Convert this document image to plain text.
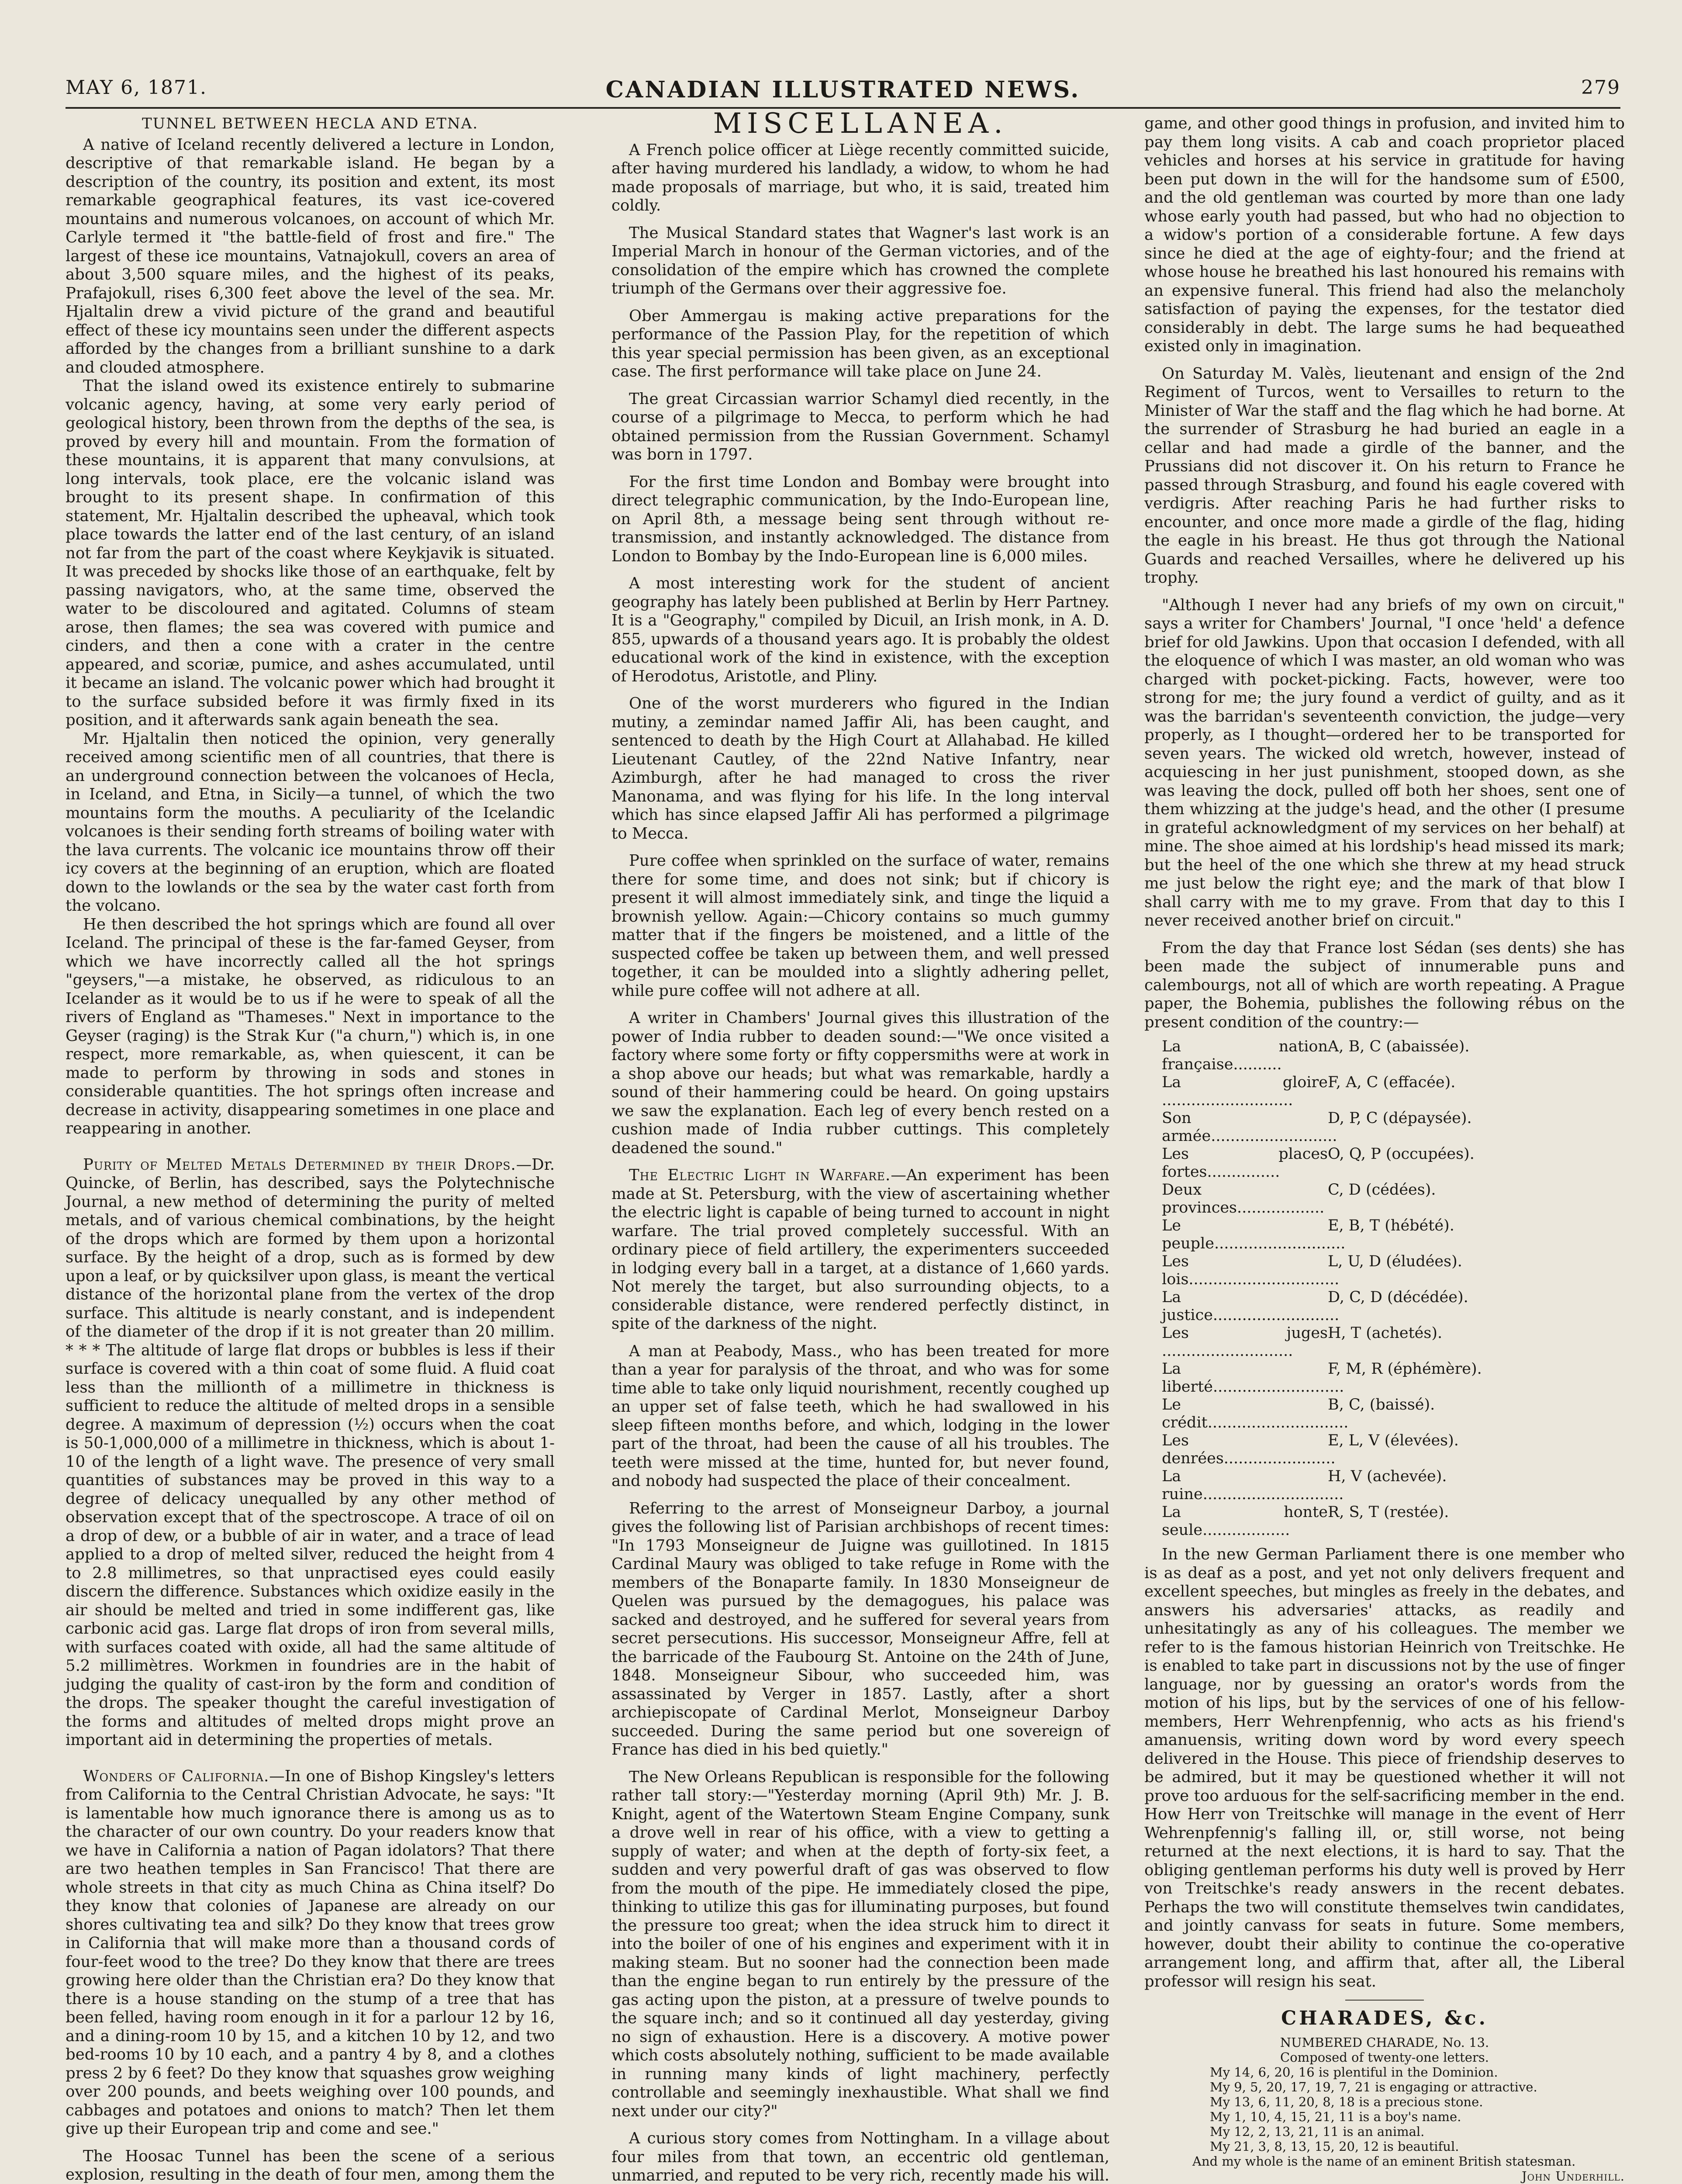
MAY 6, 1871.	CANADIAN ILLUSTRATED NEWS.	279
TUNNEL BETWEEN HECLA AND ETNA.

A native of Iceland recently delivered a lecture in London, descriptive of that remarkable island. He began by a description of the country, its position and extent, its most remarkable geographical features, its vast ice-covered mountains and numerous volcanoes, on account of which Mr. Carlyle termed it "the battle-field of frost and fire." The largest of these ice mountains, Vatnajokull, covers an area of about 3,500 square miles, and the highest of its peaks, Prafajokull, rises 6,300 feet above the level of the sea. Mr. Hjaltalin drew a vivid picture of the grand and beautiful effect of these icy mountains seen under the different aspects afforded by the changes from a brilliant sunshine to a dark and clouded atmosphere.

That the island owed its existence entirely to submarine volcanic agency, having, at some very early period of geological history, been thrown from the depths of the sea, is proved by every hill and mountain. From the formation of these mountains, it is apparent that many convulsions, at long intervals, took place, ere the volcanic island was brought to its present shape. In confirmation of this statement, Mr. Hjaltalin described the upheaval, which took place towards the latter end of the last century, of an island not far from the part of the coast where Keykjavik is situated. It was preceded by shocks like those of an earthquake, felt by passing navigators, who, at the same time, observed the water to be discoloured and agitated. Columns of steam arose, then flames; the sea was covered with pumice and cinders, and then a cone with a crater in the centre appeared, and scoriæ, pumice, and ashes accumulated, until it became an island. The volcanic power which had brought it to the surface subsided before it was firmly fixed in its position, and it afterwards sank again beneath the sea.

Mr. Hjaltalin then noticed the opinion, very generally received among scientific men of all countries, that there is an underground connection between the volcanoes of Hecla, in Iceland, and Etna, in Sicily—a tunnel, of which the two mountains form the mouths. A peculiarity of the Icelandic volcanoes is their sending forth streams of boiling water with the lava currents. The volcanic ice mountains throw off their icy covers at the beginning of an eruption, which are floated down to the lowlands or the sea by the water cast forth from the volcano.

He then described the hot springs which are found all over Iceland. The principal of these is the far-famed Geyser, from which we have incorrectly called all the hot springs "geysers,"—a mistake, he observed, as ridiculous to an Icelander as it would be to us if he were to speak of all the rivers of England as "Thameses." Next in importance to the Geyser (raging) is the Strak Kur ("a churn,") which is, in one respect, more remarkable, as, when quiescent, it can be made to perform by throwing in sods and stones in considerable quantities. The hot springs often increase and decrease in activity, disappearing sometimes in one place and reappearing in another.

Purity of Melted Metals Determined by their Drops.—Dr. Quincke, of Berlin, has described, says the Polytechnische Journal, a new method of determining the purity of melted metals, and of various chemical combinations, by the height of the drops which are formed by them upon a horizontal surface. By the height of a drop, such as is formed by dew upon a leaf, or by quicksilver upon glass, is meant the vertical distance of the horizontal plane from the vertex of the drop surface. This altitude is nearly constant, and is independent of the diameter of the drop if it is not greater than 20 millim. * * * The altitude of large flat drops or bubbles is less if their surface is covered with a thin coat of some fluid. A fluid coat less than the millionth of a millimetre in thickness is sufficient to reduce the altitude of melted drops in a sensible degree. A maximum of depression (½) occurs when the coat is 50-1,000,000 of a millimetre in thickness, which is about 1-10 of the length of a light wave. The presence of very small quantities of substances may be proved in this way to a degree of delicacy unequalled by any other method of observation except that of the spectroscope. A trace of oil on a drop of dew, or a bubble of air in water, and a trace of lead applied to a drop of melted silver, reduced the height from 4 to 2.8 millimetres, so that unpractised eyes could easily discern the difference. Substances which oxidize easily in the air should be melted and tried in some indifferent gas, like carbonic acid gas. Large flat drops of iron from several mills, with surfaces coated with oxide, all had the same altitude of 5.2 millimètres. Workmen in foundries are in the habit of judging the quality of cast-iron by the form and condition of the drops. The speaker thought the careful investigation of the forms and altitudes of melted drops might prove an important aid in determining the properties of metals.

Wonders of California.—In one of Bishop Kingsley's letters from California to the Central Christian Advocate, he says: "It is lamentable how much ignorance there is among us as to the character of our own country. Do your readers know that we have in California a nation of Pagan idolators? That there are two heathen temples in San Francisco! That there are whole streets in that city as much China as China itself? Do they know that colonies of Japanese are already on our shores cultivating tea and silk? Do they know that trees grow in California that will make more than a thousand cords of four-feet wood to the tree? Do they know that there are trees growing here older than the Christian era? Do they know that there is a house standing on the stump of a tree that has been felled, having room enough in it for a parlour 12 by 16, and a dining-room 10 by 15, and a kitchen 10 by 12, and two bed-rooms 10 by 10 each, and a pantry 4 by 8, and a clothes press 2 by 6 feet? Do they know that squashes grow weighing over 200 pounds, and beets weighing over 100 pounds, and cabbages and potatoes and onions to match? Then let them give up their European trip and come and see."

The Hoosac Tunnel has been the scene of a serious explosion, resulting in the death of four men, among them the

MISCELLANEA.

A French police officer at Liège recently committed suicide, after having murdered his landlady, a widow, to whom he had made proposals of marriage, but who, it is said, treated him coldly.

The Musical Standard states that Wagner's last work is an Imperial March in honour of the German victories, and of the consolidation of the empire which has crowned the complete triumph of the Germans over their aggressive foe.

Ober Ammergau is making active preparations for the performance of the Passion Play, for the repetition of which this year special permission has been given, as an exceptional case. The first performance will take place on June 24.

The great Circassian warrior Schamyl died recently, in the course of a pilgrimage to Mecca, to perform which he had obtained permission from the Russian Government. Schamyl was born in 1797.

For the first time London and Bombay were brought into direct telegraphic communication, by the Indo-European line, on April 8th, a message being sent through without re-transmission, and instantly acknowledged. The distance from London to Bombay by the Indo-European line is 6,000 miles.

A most interesting work for the student of ancient geography has lately been published at Berlin by Herr Partney. It is a "Geography," compiled by Dicuil, an Irish monk, in A. D. 855, upwards of a thousand years ago. It is probably the oldest educational work of the kind in existence, with the exception of Herodotus, Aristotle, and Pliny.

One of the worst murderers who figured in the Indian mutiny, a zemindar named Jaffir Ali, has been caught, and sentenced to death by the High Court at Allahabad. He killed Lieutenant Cautley, of the 22nd Native Infantry, near Azimburgh, after he had managed to cross the river Manonama, and was flying for his life. In the long interval which has since elapsed Jaffir Ali has performed a pilgrimage to Mecca.

Pure coffee when sprinkled on the surface of water, remains there for some time, and does not sink; but if chicory is present it will almost immediately sink, and tinge the liquid a brownish yellow. Again:—Chicory contains so much gummy matter that if the fingers be moistened, and a little of the suspected coffee be taken up between them, and well pressed together, it can be moulded into a slightly adhering pellet, while pure coffee will not adhere at all.

A writer in Chambers' Journal gives this illustration of the power of India rubber to deaden sound:—"We once visited a factory where some forty or fifty coppersmiths were at work in a shop above our heads; but what was remarkable, hardly a sound of their hammering could be heard. On going upstairs we saw the explanation. Each leg of every bench rested on a cushion made of India rubber cuttings. This completely deadened the sound."

The Electric Light in Warfare.—An experiment has been made at St. Petersburg, with the view of ascertaining whether the electric light is capable of being turned to account in night warfare. The trial proved completely successful. With an ordinary piece of field artillery, the experimenters succeeded in lodging every ball in a target, at a distance of 1,660 yards. Not merely the target, but also surrounding objects, to a considerable distance, were rendered perfectly distinct, in spite of the darkness of the night.

A man at Peabody, Mass., who has been treated for more than a year for paralysis of the throat, and who was for some time able to take only liquid nourishment, recently coughed up an upper set of false teeth, which he had swallowed in his sleep fifteen months before, and which, lodging in the lower part of the throat, had been the cause of all his troubles. The teeth were missed at the time, hunted for, but never found, and nobody had suspected the place of their concealment.

Referring to the arrest of Monseigneur Darboy, a journal gives the following list of Parisian archbishops of recent times: "In 1793 Monseigneur de Juigne was guillotined. In 1815 Cardinal Maury was obliged to take refuge in Rome with the members of the Bonaparte family. In 1830 Monseigneur de Quelen was pursued by the demagogues, his palace was sacked and destroyed, and he suffered for several years from secret persecutions. His successor, Monseigneur Affre, fell at the barricade of the Faubourg St. Antoine on the 24th of June, 1848. Monseigneur Sibour, who succeeded him, was assassinated by Verger in 1857. Lastly, after a short archiepiscopate of Cardinal Merlot, Monseigneur Darboy succeeded. During the same period but one sovereign of France has died in his bed quietly."

The New Orleans Republican is responsible for the following rather tall story:—"Yesterday morning (April 9th) Mr. J. B. Knight, agent of the Watertown Steam Engine Company, sunk a drove well in rear of his office, with a view to getting a supply of water; and when at the depth of forty-six feet, a sudden and very powerful draft of gas was observed to flow from the mouth of the pipe. He immediately closed the pipe, thinking to utilize this gas for illuminating purposes, but found the pressure too great; when the idea struck him to direct it into the boiler of one of his engines and experiment with it in making steam. But no sooner had the connection been made than the engine began to run entirely by the pressure of the gas acting upon the piston, at a pressure of twelve pounds to the square inch; and so it continued all day yesterday, giving no sign of exhaustion. Here is a discovery. A motive power which costs absolutely nothing, sufficient to be made available in running many kinds of light machinery, perfectly controllable and seemingly inexhaustible. What shall we find next under our city?"

A curious story comes from Nottingham. In a village about four miles from that town, an eccentric old gentleman, unmarried, and reputed to be very rich, recently made his will.

game, and other good things in profusion, and invited him to pay them long visits. A cab and coach proprietor placed vehicles and horses at his service in gratitude for having been put down in the will for the handsome sum of £500, and the old gentleman was courted by more than one lady whose early youth had passed, but who had no objection to a widow's portion of a considerable fortune. A few days since he died at the age of eighty-four; and the friend at whose house he breathed his last honoured his remains with an expensive funeral. This friend had also the melancholy satisfaction of paying the expenses, for the testator died considerably in debt. The large sums he had bequeathed existed only in imagination.

On Saturday M. Valès, lieutenant and ensign of the 2nd Regiment of Turcos, went to Versailles to return to the Minister of War the staff and the flag which he had borne. At the surrender of Strasburg he had buried an eagle in a cellar and had made a girdle of the banner, and the Prussians did not discover it. On his return to France he passed through Strasburg, and found his eagle covered with verdigris. After reaching Paris he had further risks to encounter, and once more made a girdle of the flag, hiding the eagle in his breast. He thus got through the National Guards and reached Versailles, where he delivered up his trophy.

"Although I never had any briefs of my own on circuit," says a writer for Chambers' Journal, "I once 'held' a defence brief for old Jawkins. Upon that occasion I defended, with all the eloquence of which I was master, an old woman who was charged with pocket-picking. Facts, however, were too strong for me; the jury found a verdict of guilty, and as it was the barridan's seventeenth conviction, the judge—very properly, as I thought—ordered her to be transported for seven years. The wicked old wretch, however, instead of acquiescing in her just punishment, stooped down, as she was leaving the dock, pulled off both her shoes, sent one of them whizzing at the judge's head, and the other (I presume in grateful acknowledgment of my services on her behalf) at mine. The shoe aimed at his lordship's head missed its mark; but the heel of the one which she threw at my head struck me just below the right eye; and the mark of that blow I shall carry with me to my grave. From that day to this I never received another brief on circuit."

From the day that France lost Sédan (ses dents) she has been made the subject of innumerable puns and calembourgs, not all of which are worth repeating. A Prague paper, the Bohemia, publishes the following rébus on the present condition of the country:—

La nation française..........
A, B, C (abaissée).
La gloire ...........................
F, A, C (effacée).
Son armée..........................
D, P, C (dépaysée).
Les places fortes...............
O, Q, P (occupées).
Deux provinces..................
C, D (cédées).
Le peuple...........................
E, B, T (hébété).
Les lois...............................
L, U, D (éludées).
La justice..........................
D, C, D (décédée).
Les juges ...........................
H, T (achetés).
La liberté...........................
F, M, R (éphémère).
Le crédit.............................
B, C, (baissé).
Les denrées.......................
E, L, V (élevées).
La ruine.............................
H, V (achevée).
La honte seule..................
R, S, T (restée).

In the new German Parliament there is one member who is as deaf as a post, and yet not only delivers frequent and excellent speeches, but mingles as freely in the debates, and answers his adversaries' attacks, as readily and unhesitatingly as any of his colleagues. The member we refer to is the famous historian Heinrich von Treitschke. He is enabled to take part in discussions not by the use of finger language, nor by guessing an orator's words from the motion of his lips, but by the services of one of his fellow-members, Herr Wehrenpfennig, who acts as his friend's amanuensis, writing down word by word every speech delivered in the House. This piece of friendship deserves to be admired, but it may be questioned whether it will not prove too arduous for the self-sacrificing member in the end. How Herr von Treitschke will manage in the event of Herr Wehrenpfennig's falling ill, or, still worse, not being returned at the next elections, it is hard to say. That the obliging gentleman performs his duty well is proved by Herr von Treitschke's ready answers in the recent debates. Perhaps the two will constitute themselves twin candidates, and jointly canvass for seats in future. Some members, however, doubt their ability to continue the co-operative arrangement long, and affirm that, after all, the Liberal professor will resign his seat.

CHARADES, &c.
NUMBERED CHARADE, No. 13.
Composed of twenty-one letters.
My 14, 6, 20, 16 is plentiful in the Dominion.
My 9, 5, 20, 17, 19, 7, 21 is engaging or attractive.
My 13, 6, 11, 20, 8, 18 is a precious stone.
My 1, 10, 4, 15, 21, 11 is a boy's name.
My 12, 2, 13, 21, 11 is an animal.
My 21, 3, 8, 13, 15, 20, 12 is beautiful.
And my whole is the name of an eminent British statesman.
John Underhill.
